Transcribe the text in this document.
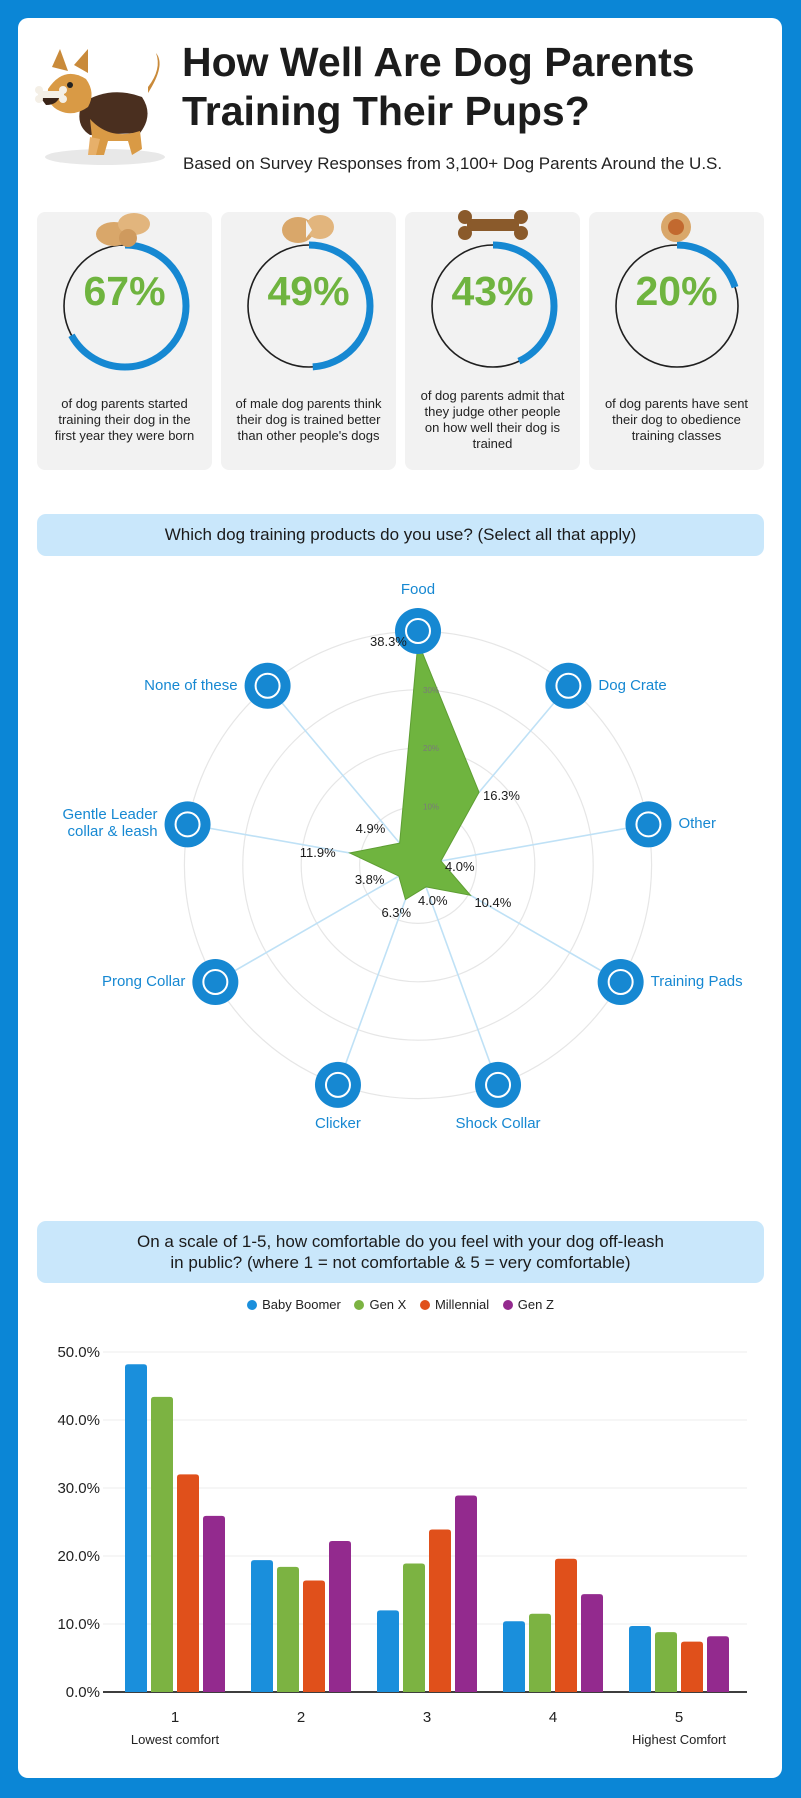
How Well Are Dog Parents
Training Their Pups?
Based on Survey Responses from 3,100+ Dog Parents Around the U.S.
67%
of dog parents started training their dog in the first year they were born
49%
of male dog parents think their dog is trained better than other people's dogs
43%
of dog parents admit that they judge other people on how well their dog is trained
20%
of dog parents have sent their dog to obedience training classes
Which dog training products do you use? (Select all that apply)
10%
20%
30%
Food
Dog Crate
Other
Training Pads
Shock Collar
Clicker
Prong Collar
Gentle Leader
collar & leash
None of these
38.3%
16.3%
4.0%
10.4%
4.0%
6.3%
3.8%
11.9%
4.9%
On a scale of 1-5, how comfortable do you feel with your dog off-leash
in public? (where 1 = not comfortable & 5 = very comfortable)
Baby Boomer Gen X Millennial Gen Z
0.0%
10.0%
20.0%
30.0%
40.0%
50.0%
1
Lowest comfort
2	3	4	5
Highest Comfort
